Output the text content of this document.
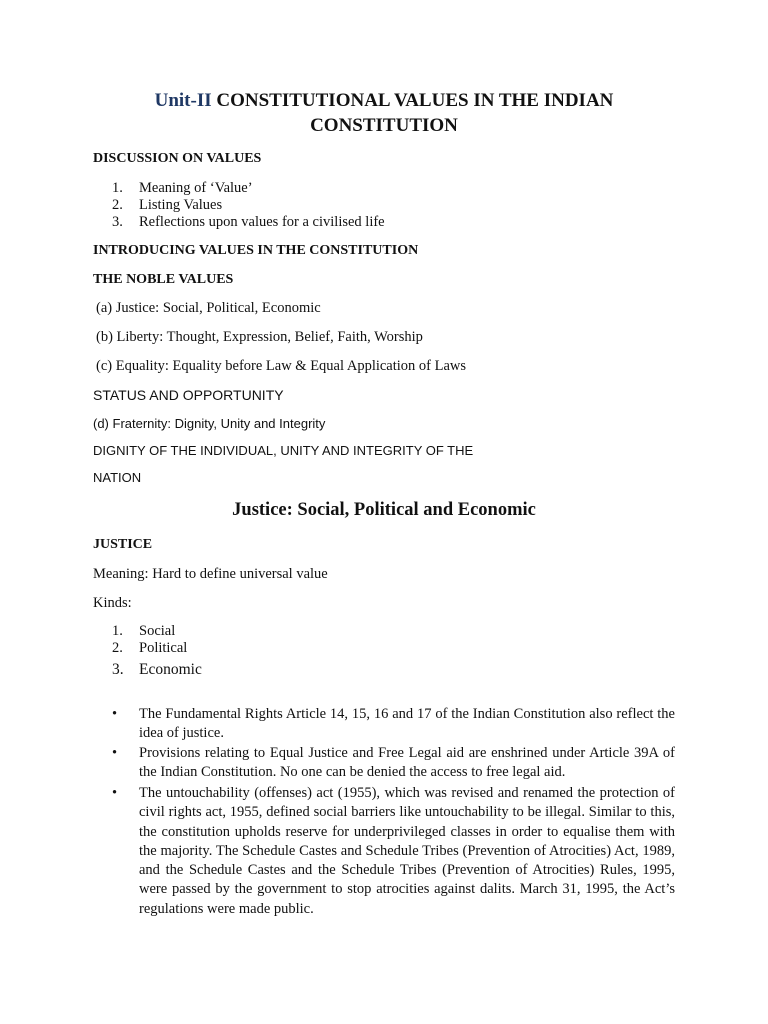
Unit-II CONSTITUTIONAL VALUES IN THE INDIAN
CONSTITUTION
DISCUSSION ON VALUES
1. Meaning of ‘Value’
2. Listing Values
3. Reflections upon values for a civilised life
INTRODUCING VALUES IN THE CONSTITUTION
THE NOBLE VALUES
(a) Justice: Social, Political, Economic
(b) Liberty: Thought, Expression, Belief, Faith, Worship
(c) Equality: Equality before Law & Equal Application of Laws
STATUS AND OPPORTUNITY
(d) Fraternity: Dignity, Unity and Integrity
DIGNITY OF THE INDIVIDUAL, UNITY AND INTEGRITY OF THE
NATION
Justice: Social, Political and Economic
JUSTICE
Meaning: Hard to define universal value
Kinds:
1. Social
2. Political
3. Economic
•	The Fundamental Rights Article 14, 15, 16 and 17 of the Indian Constitution also reflect the idea of justice.
•	Provisions relating to Equal Justice and Free Legal aid are enshrined under Article 39A of the Indian Constitution. No one can be denied the access to free legal aid.
•	The untouchability (offenses) act (1955), which was revised and renamed the protection of civil rights act, 1955, defined social barriers like untouchability to be illegal. Similar to this, the constitution upholds reserve for underprivileged classes in order to equalise them with the majority. The Schedule Castes and Schedule Tribes (Prevention of Atrocities) Act, 1989, and the Schedule Castes and the Schedule Tribes (Prevention of Atrocities) Rules, 1995, were passed by the government to stop atrocities against dalits. March 31, 1995, the Act’s regulations were made public.
